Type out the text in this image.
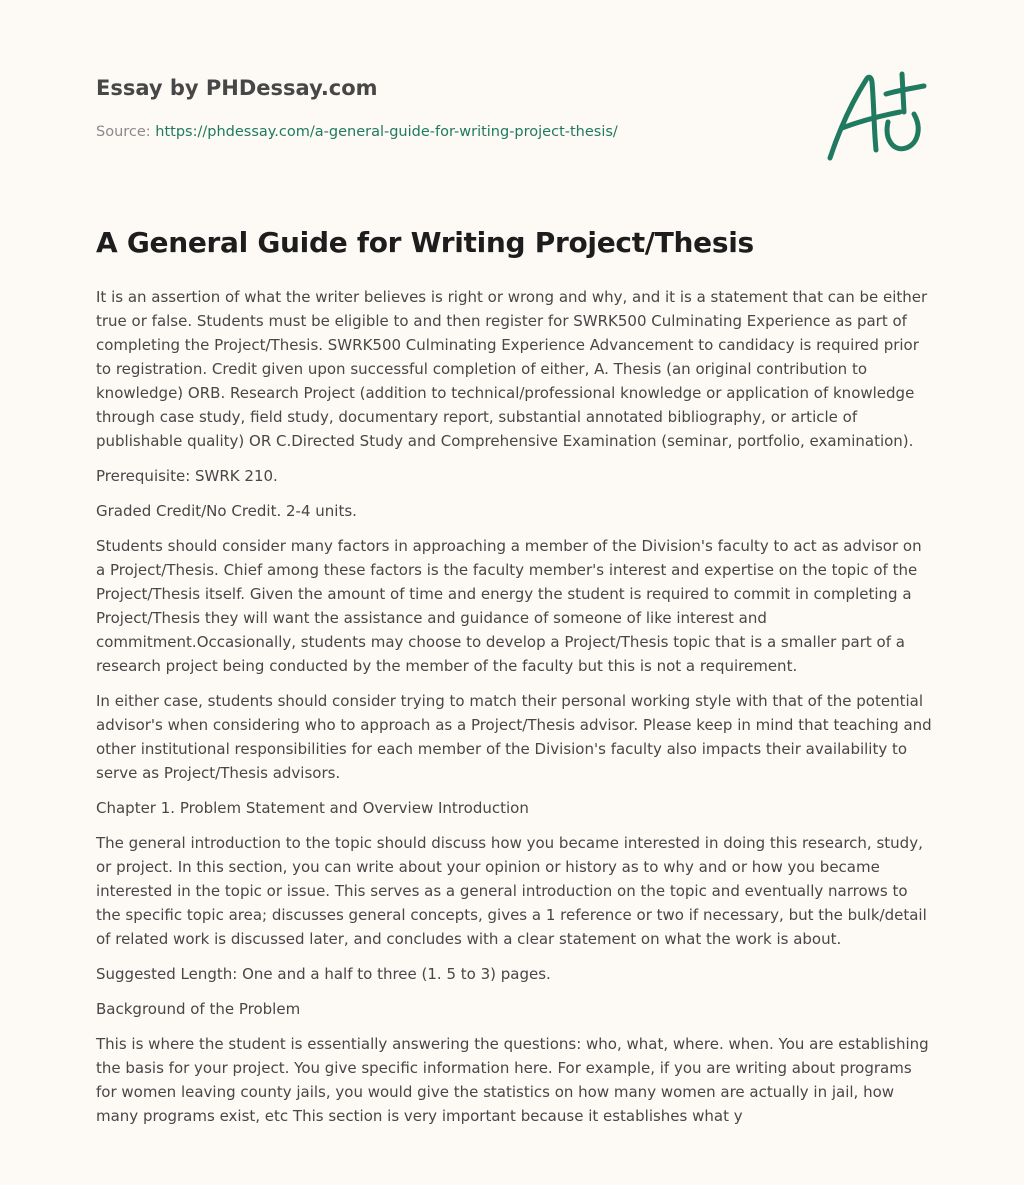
Essay by PHDessay.com
Source: https://phdessay.com/a-general-guide-for-writing-project-thesis/
A General Guide for Writing Project/Thesis

It is an assertion of what the writer believes is right or wrong and why, and it is a statement that can be either true or false. Students must be eligible to and then register for SWRK500 Culminating Experience as part of completing the Project/Thesis. SWRK500 Culminating Experience Advancement to candidacy is required prior to registration. Credit given upon successful completion of either, A. Thesis (an original contribution to knowledge) ORB. Research Project (addition to technical/professional knowledge or application of knowledge through case study, field study, documentary report, substantial annotated bibliography, or article of publishable quality) OR C.Directed Study and Comprehensive Examination (seminar, portfolio, examination).

Prerequisite: SWRK 210.

Graded Credit/No Credit. 2-4 units.

Students should consider many factors in approaching a member of the Division's faculty to act as advisor on a Project/Thesis. Chief among these factors is the faculty member's interest and expertise on the topic of the Project/Thesis itself. Given the amount of time and energy the student is required to commit in completing a Project/Thesis they will want the assistance and guidance of someone of like interest and commitment.Occasionally, students may choose to develop a Project/Thesis topic that is a smaller part of a research project being conducted by the member of the faculty but this is not a requirement.

In either case, students should consider trying to match their personal working style with that of the potential advisor's when considering who to approach as a Project/Thesis advisor. Please keep in mind that teaching and other institutional responsibilities for each member of the Division's faculty also impacts their availability to serve as Project/Thesis advisors.

Chapter 1. Problem Statement and Overview Introduction

The general introduction to the topic should discuss how you became interested in doing this research, study, or project. In this section, you can write about your opinion or history as to why and or how you became interested in the topic or issue. This serves as a general introduction on the topic and eventually narrows to the specific topic area; discusses general concepts, gives a 1 reference or two if necessary, but the bulk/detail of related work is discussed later, and concludes with a clear statement on what the work is about.

Suggested Length: One and a half to three (1. 5 to 3) pages.

Background of the Problem

This is where the student is essentially answering the questions: who, what, where. when. You are establishing the basis for your project. You give specific information here. For example, if you are writing about programs for women leaving county jails, you would give the statistics on how many women are actually in jail, how many programs exist, etc This section is very important because it establishes what y
